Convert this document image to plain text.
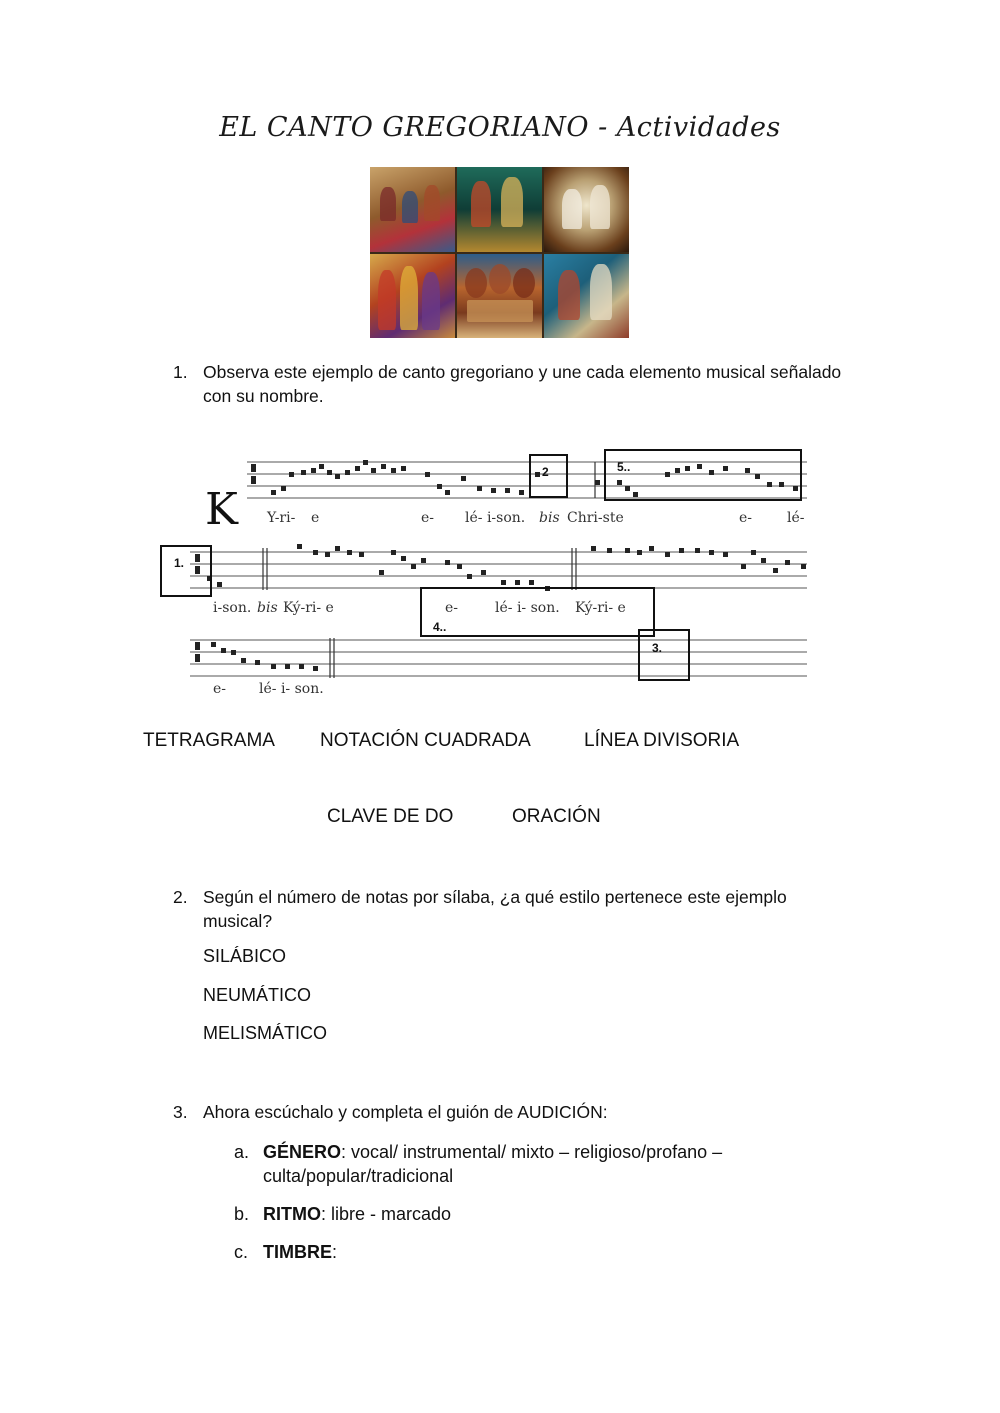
EL CANTO GREGORIANO - Actividades
1. Observa este ejemplo de canto gregoriano y une cada elemento musical señalado con su nombre.
2	5..
1.
4..
3.
K Y-ri- e	e- lé- i-son. bis Chri-ste	e- lé-
i-son. bis Ký-ri- e	e-	lé- i- son. Ký-ri- e
e- lé- i- son.
TETRAGRAMA NOTACIÓN CUADRADA	LÍNEA DIVISORIA
CLAVE DE DO	ORACIÓN
2. Según el número de notas por sílaba, ¿a qué estilo pertenece este ejemplo musical?
SILÁBICO
NEUMÁTICO
MELISMÁTICO
3. Ahora escúchalo y completa el guión de AUDICIÓN:
a. GÉNERO: vocal/ instrumental/ mixto – religioso/profano – culta/popular/tradicional
b. RITMO: libre - marcado
c. TIMBRE:
